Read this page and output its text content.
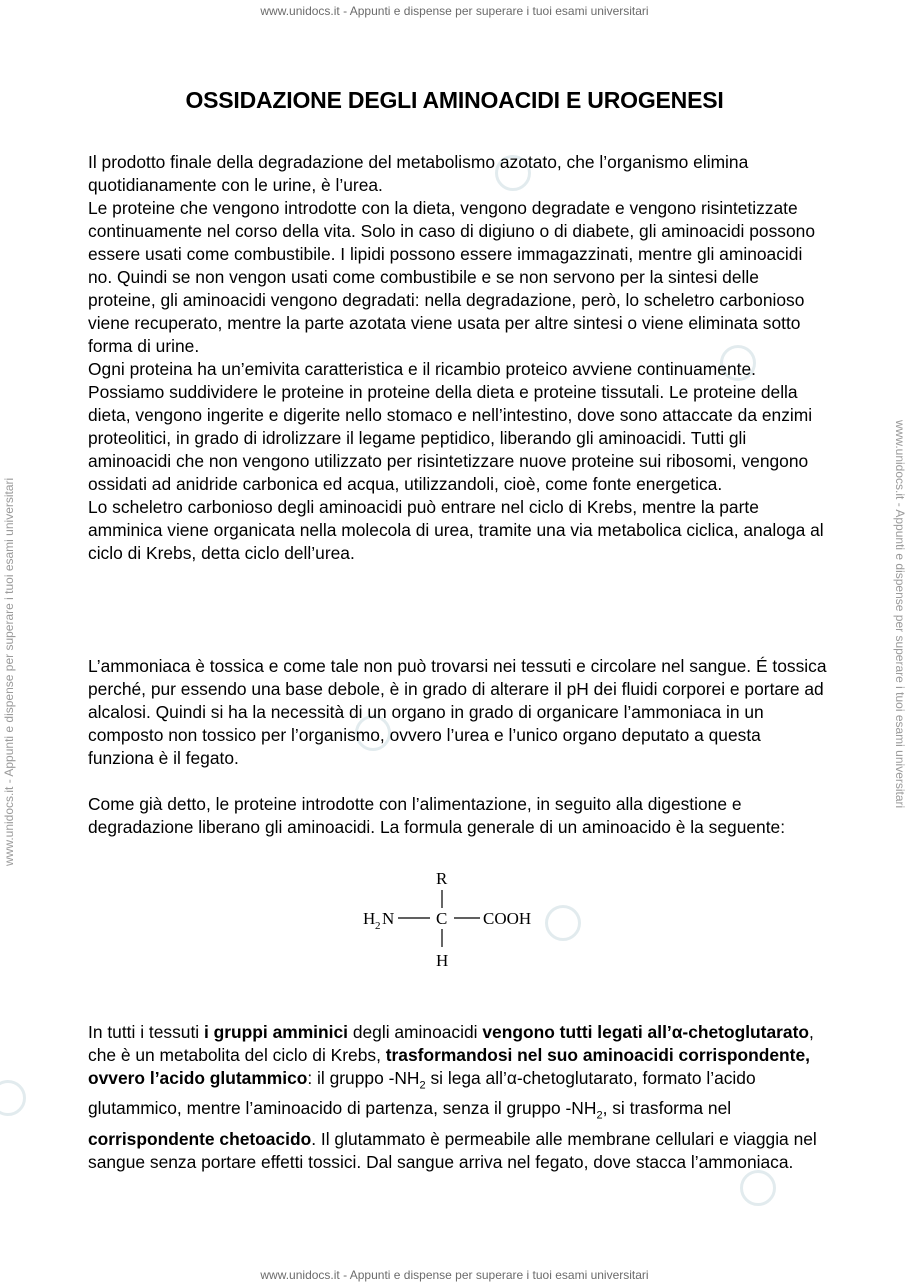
www.unidocs.it - Appunti e dispense per superare i tuoi esami universitari
www.unidocs.it - Appunti e dispense per superare i tuoi esami universitari
www.unidocs.it - Appunti e dispense per superare i tuoi esami universitari	www.unidocs.it - Appunti e dispense per superare i tuoi esami universitari
OSSIDAZIONE DEGLI AMINOACIDI E UROGENESI

Il prodotto finale della degradazione del metabolismo azotato, che l’organismo elimina quotidianamente con le urine, è l’urea.

Le proteine che vengono introdotte con la dieta, vengono degradate e vengono risintetizzate continuamente nel corso della vita. Solo in caso di digiuno o di diabete, gli aminoacidi possono essere usati come combustibile. I lipidi possono essere immagazzinati, mentre gli aminoacidi no. Quindi se non vengon usati come combustibile e se non servono per la sintesi delle proteine, gli aminoacidi vengono degradati: nella degradazione, però, lo scheletro carbonioso viene recuperato, mentre la parte azotata viene usata per altre sintesi o viene eliminata sotto forma di urine.

Ogni proteina ha un’emivita caratteristica e il ricambio proteico avviene continuamente.

Possiamo suddividere le proteine in proteine della dieta e proteine tissutali. Le proteine della dieta, vengono ingerite e digerite nello stomaco e nell’intestino, dove sono attaccate da enzimi proteolitici, in grado di idrolizzare il legame peptidico, liberando gli aminoacidi. Tutti gli aminoacidi che non vengono utilizzato per risintetizzare nuove proteine sui ribosomi, vengono ossidati ad anidride carbonica ed acqua, utilizzandoli, cioè, come fonte energetica.

Lo scheletro carbonioso degli aminoacidi può entrare nel ciclo di Krebs, mentre la parte amminica viene organicata nella molecola di urea, tramite una via metabolica ciclica, analoga al ciclo di Krebs, detta ciclo dell’urea.

L’ammoniaca è tossica e come tale non può trovarsi nei tessuti e circolare nel sangue. É tossica perché, pur essendo una base debole, è in grado di alterare il pH dei fluidi corporei e portare ad alcalosi. Quindi si ha la necessità di un organo in grado di organicare l’ammoniaca in un composto non tossico per l’organismo, ovvero l’urea e l’unico organo deputato a questa funziona è il fegato.

Come già detto, le proteine introdotte con l’alimentazione, in seguito alla digestione e degradazione liberano gli aminoacidi. La formula generale di un aminoacido è la seguente:

R
H 2 N C COOH
H

In tutti i tessuti i gruppi amminici degli aminoacidi vengono tutti legati all’α-chetoglutarato, che è un metabolita del ciclo di Krebs, trasformandosi nel suo aminoacidi corrispondente, ovvero l’acido glutammico: il gruppo $-NH_2$ si lega all’α-chetoglutarato, formato l’acido glutammico, mentre l’aminoacido di partenza, senza il gruppo $-NH_2$, si trasforma nel corrispondente chetoacido. Il glutammato è permeabile alle membrane cellulari e viaggia nel sangue senza portare effetti tossici. Dal sangue arriva nel fegato, dove stacca l’ammoniaca.
